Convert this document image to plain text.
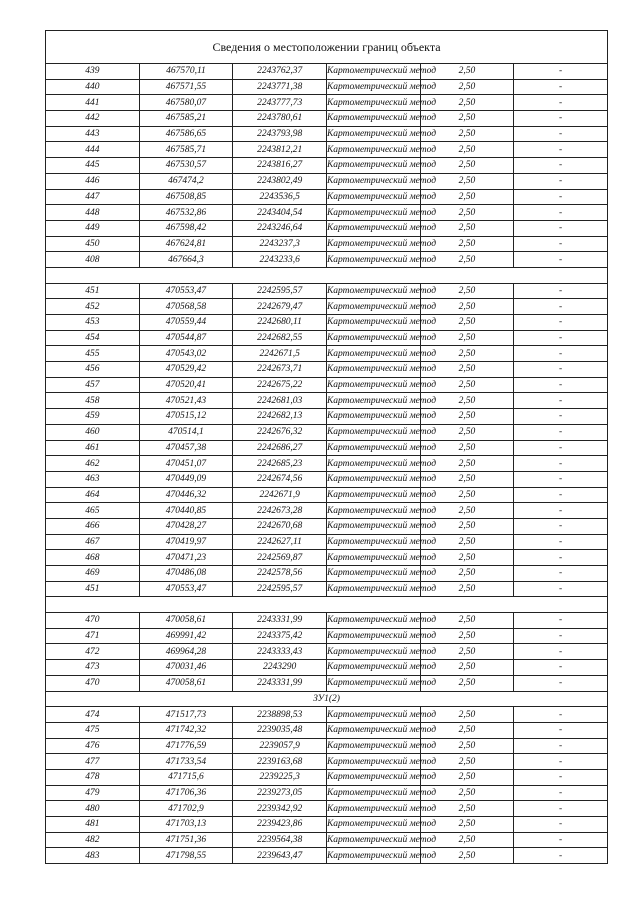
Сведения о местоположении границ объекта					
439	467570,11	2243762,37	Картометрический метод	2,50	-
440	467571,55	2243771,38	Картометрический метод	2,50	-
441	467580,07	2243777,73	Картометрический метод	2,50	-
442	467585,21	2243780,61	Картометрический метод	2,50	-
443	467586,65	2243793,98	Картометрический метод	2,50	-
444	467585,71	2243812,21	Картометрический метод	2,50	-
445	467530,57	2243816,27	Картометрический метод	2,50	-
446	467474,2	2243802,49	Картометрический метод	2,50	-
447	467508,85	2243536,5	Картометрический метод	2,50	-
448	467532,86	2243404,54	Картометрический метод	2,50	-
449	467598,42	2243246,64	Картометрический метод	2,50	-
450	467624,81	2243237,3	Картометрический метод	2,50	-
408	467664,3	2243233,6	Картометрический метод	2,50	-

451	470553,47	2242595,57	Картометрический метод	2,50	-
452	470568,58	2242679,47	Картометрический метод	2,50	-
453	470559,44	2242680,11	Картометрический метод	2,50	-
454	470544,87	2242682,55	Картометрический метод	2,50	-
455	470543,02	2242671,5	Картометрический метод	2,50	-
456	470529,42	2242673,71	Картометрический метод	2,50	-
457	470520,41	2242675,22	Картометрический метод	2,50	-
458	470521,43	2242681,03	Картометрический метод	2,50	-
459	470515,12	2242682,13	Картометрический метод	2,50	-
460	470514,1	2242676,32	Картометрический метод	2,50	-
461	470457,38	2242686,27	Картометрический метод	2,50	-
462	470451,07	2242685,23	Картометрический метод	2,50	-
463	470449,09	2242674,56	Картометрический метод	2,50	-
464	470446,32	2242671,9	Картометрический метод	2,50	-
465	470440,85	2242673,28	Картометрический метод	2,50	-
466	470428,27	2242670,68	Картометрический метод	2,50	-
467	470419,97	2242627,11	Картометрический метод	2,50	-
468	470471,23	2242569,87	Картометрический метод	2,50	-
469	470486,08	2242578,56	Картометрический метод	2,50	-
451	470553,47	2242595,57	Картометрический метод	2,50	-

470	470058,61	2243331,99	Картометрический метод	2,50	-
471	469991,42	2243375,42	Картометрический метод	2,50	-
472	469964,28	2243333,43	Картометрический метод	2,50	-
473	470031,46	2243290	Картометрический метод	2,50	-
470	470058,61	2243331,99	Картометрический метод	2,50	-
ЗУ1(2)					
474	471517,73	2238898,53	Картометрический метод	2,50	-
475	471742,32	2239035,48	Картометрический метод	2,50	-
476	471776,59	2239057,9	Картометрический метод	2,50	-
477	471733,54	2239163,68	Картометрический метод	2,50	-
478	471715,6	2239225,3	Картометрический метод	2,50	-
479	471706,36	2239273,05	Картометрический метод	2,50	-
480	471702,9	2239342,92	Картометрический метод	2,50	-
481	471703,13	2239423,86	Картометрический метод	2,50	-
482	471751,36	2239564,38	Картометрический метод	2,50	-
483	471798,55	2239643,47	Картометрический метод	2,50	-
